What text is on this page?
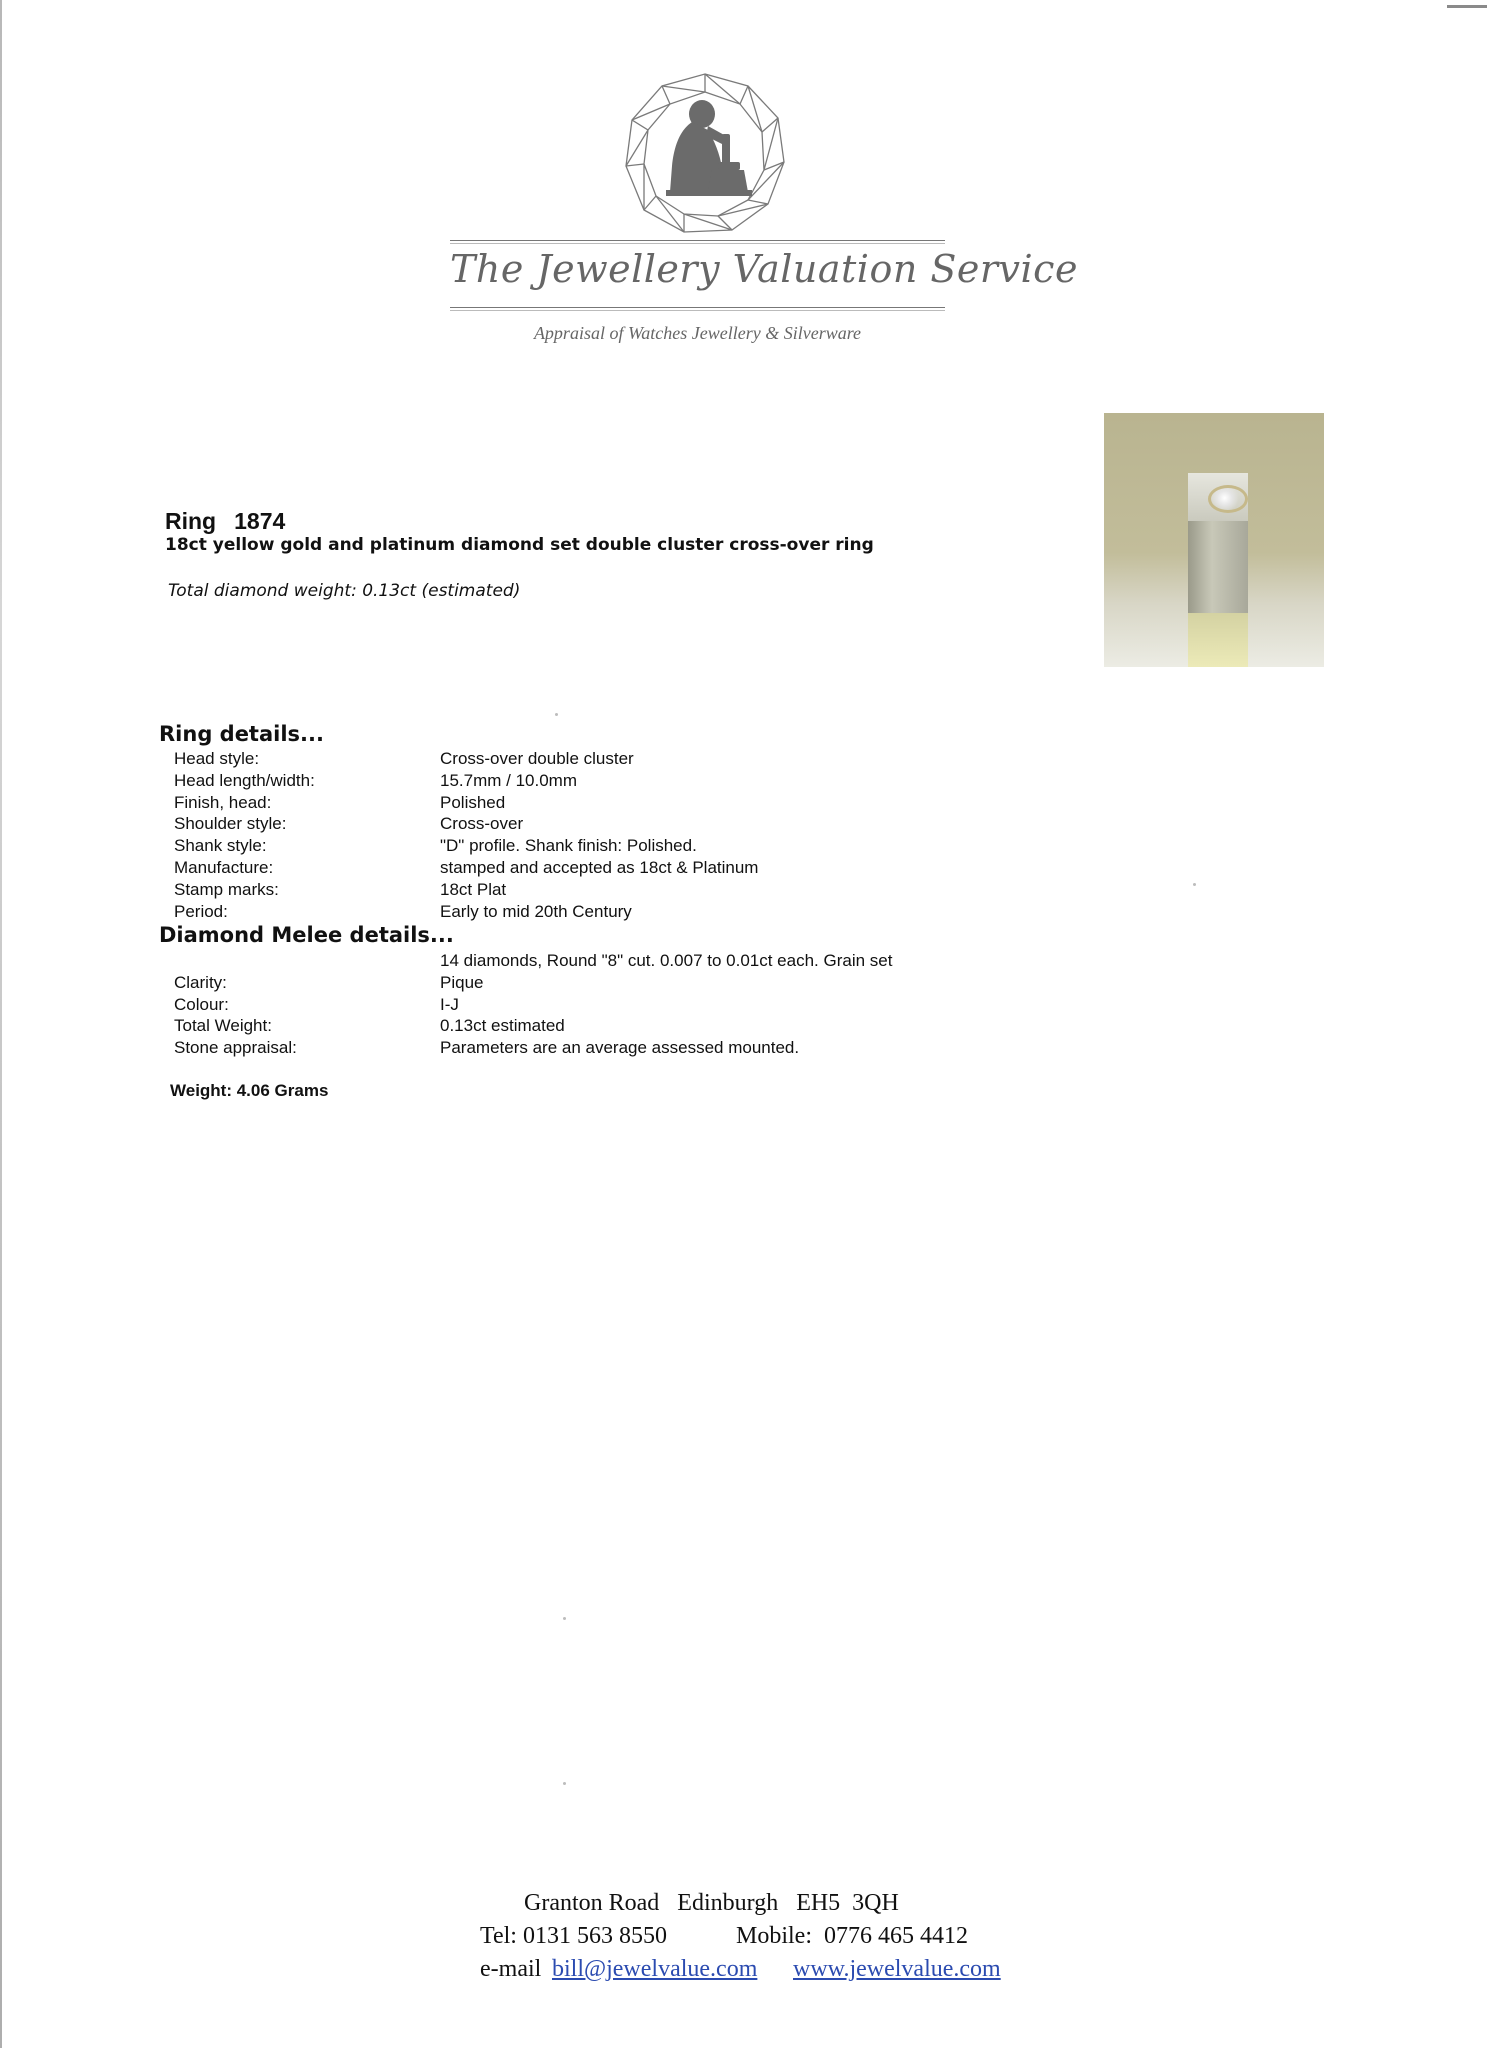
The Jewellery Valuation Service
Appraisal of Watches Jewellery & Silverware
Ring 1874
18ct yellow gold and platinum diamond set double cluster cross-over ring
Total diamond weight: 0.13ct (estimated)
Ring details...
Head style:	Cross-over double cluster
Head length/width:	15.7mm / 10.0mm
Finish, head:	Polished
Shoulder style:	Cross-over
Shank style:	"D" profile. Shank finish: Polished.
Manufacture:	stamped and accepted as 18ct & Platinum
Stamp marks:	18ct Plat
Period:	Early to mid 20th Century
Diamond Melee details...
14 diamonds, Round "8" cut. 0.007 to 0.01ct each. Grain set
Clarity:	Pique
Colour:	I-J
Total Weight:	0.13ct estimated
Stone appraisal:	Parameters are an average assessed mounted.
Weight: 4.06 Grams
Granton Road   Edinburgh   EH5  3QH
Tel: 0131 563 8550	Mobile:  0776 465 4412
e-mail bill@jewelvalue.com www.jewelvalue.com
